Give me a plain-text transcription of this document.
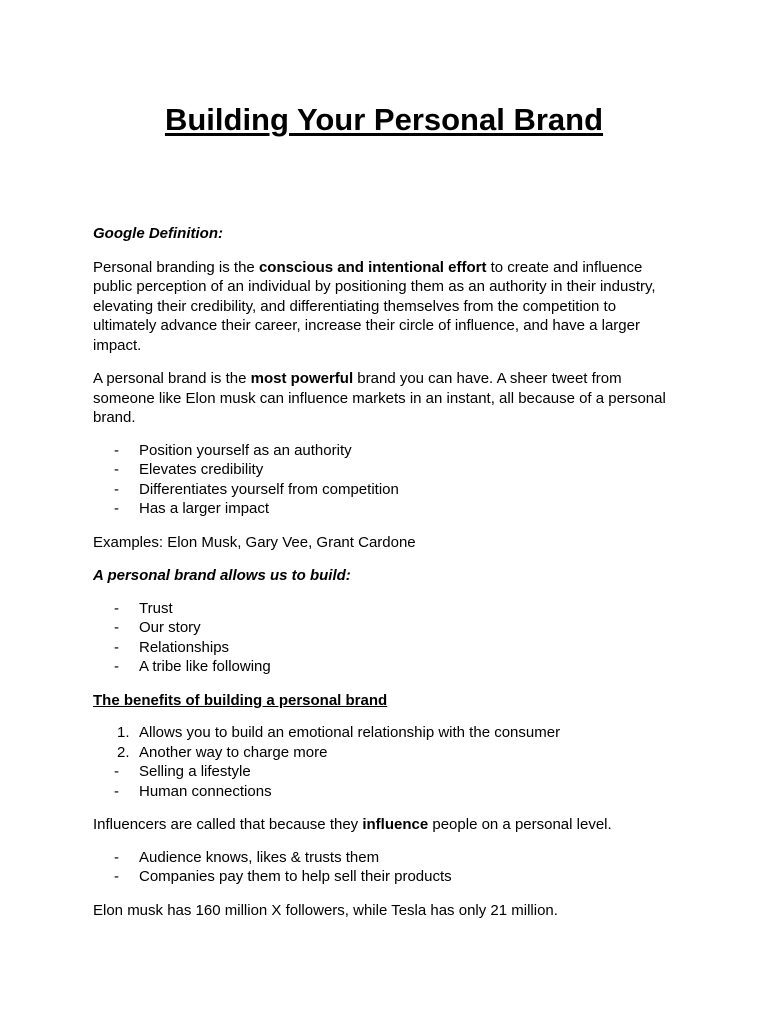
Building Your Personal Brand

Google Definition:

Personal branding is the conscious and intentional effort to create and influence public perception of an individual by positioning them as an authority in their industry, elevating their credibility, and differentiating themselves from the competition to ultimately advance their career, increase their circle of influence, and have a larger impact.

A personal brand is the most powerful brand you can have. A sheer tweet from someone like Elon musk can influence markets in an instant, all because of a personal brand.

-	Position yourself as an authority
-	Elevates credibility
-	Differentiates yourself from competition
-	Has a larger impact

Examples: Elon Musk, Gary Vee, Grant Cardone

A personal brand allows us to build:

-	Trust
-	Our story
-	Relationships
-	A tribe like following

The benefits of building a personal brand

1. Allows you to build an emotional relationship with the consumer
2. Another way to charge more
-	Selling a lifestyle
-	Human connections

Influencers are called that because they influence people on a personal level.

-	Audience knows, likes & trusts them
-	Companies pay them to help sell their products

Elon musk has 160 million X followers, while Tesla has only 21 million.
